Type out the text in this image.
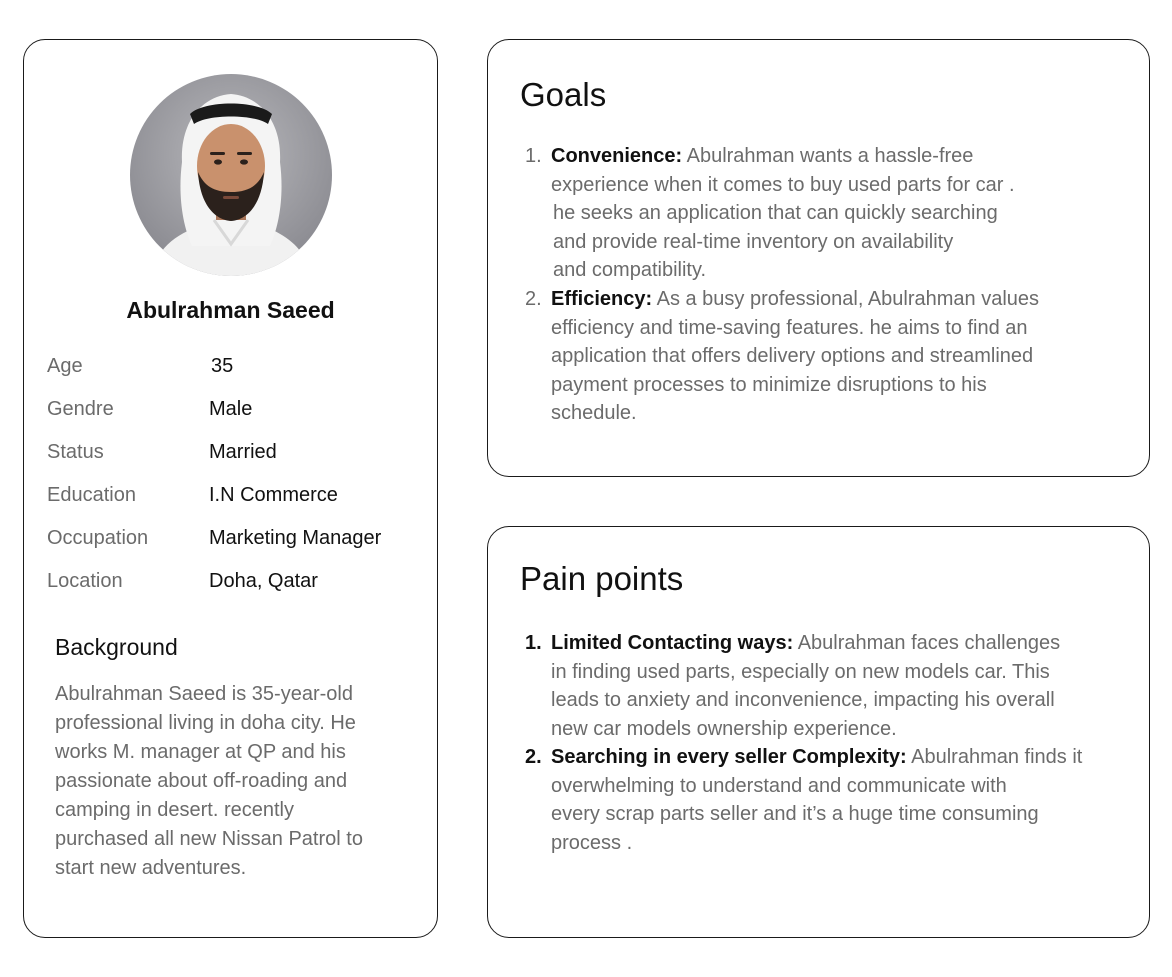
Abulrahman Saeed
Age	35
Gendre	Male
Status	Married
Education	I.N Commerce
Occupation	Marketing Manager
Location	Doha, Qatar
Background
Abulrahman Saeed is 35-year-old
professional living in doha city. He
works M. manager at QP and his
passionate about off-roading and
camping in desert. recently
purchased all new Nissan Patrol to
start new adventures.
Goals
1. Convenience: Abulrahman wants a hassle-free
experience when it comes to buy used parts for car .
he seeks an application that can quickly searching
and provide real-time inventory on availability
and compatibility.
2. Efficiency: As a busy professional, Abulrahman values
efficiency and time-saving features. he aims to find an
application that offers delivery options and streamlined
payment processes to minimize disruptions to his
schedule.
Pain points
1. Limited Contacting ways: Abulrahman faces challenges
in finding used parts, especially on new models car. This
leads to anxiety and inconvenience, impacting his overall
new car models ownership experience.
2. Searching in every seller Complexity: Abulrahman finds it
overwhelming to understand and communicate with
every scrap parts seller and it’s a huge time consuming
process .
